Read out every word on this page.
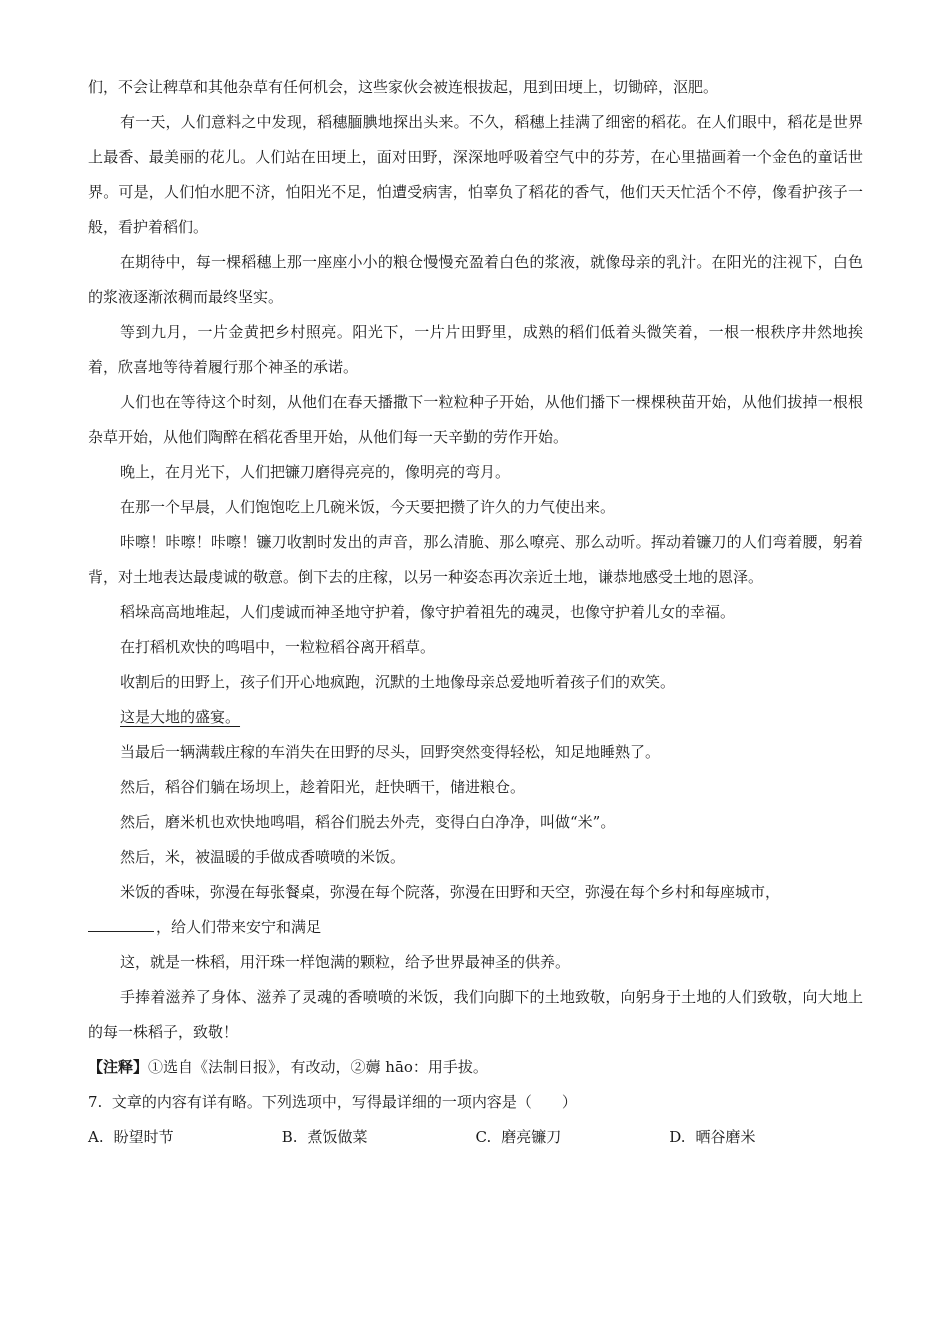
们，不会让稗草和其他杂草有任何机会，这些家伙会被连根拔起，甩到田埂上，切锄碎，沤肥。

有一天，人们意料之中发现，稻穗腼腆地探出头来。不久，稻穗上挂满了细密的稻花。在人们眼中，稻花是世界上最香、最美丽的花儿。人们站在田埂上，面对田野，深深地呼吸着空气中的芬芳，在心里描画着一个金色的童话世界。可是，人们怕水肥不济，怕阳光不足，怕遭受病害，怕辜负了稻花的香气，他们天天忙活个不停，像看护孩子一般，看护着稻们。

在期待中，每一棵稻穗上那一座座小小的粮仓慢慢充盈着白色的浆液，就像母亲的乳汁。在阳光的注视下，白色的浆液逐渐浓稠而最终坚实。

等到九月，一片金黄把乡村照亮。阳光下，一片片田野里，成熟的稻们低着头微笑着，一根一根秩序井然地挨着，欣喜地等待着履行那个神圣的承诺。

人们也在等待这个时刻，从他们在春天播撒下一粒粒种子开始，从他们播下一棵棵秧苗开始，从他们拔掉一根根杂草开始，从他们陶醉在稻花香里开始，从他们每一天辛勤的劳作开始。

晚上，在月光下，人们把镰刀磨得亮亮的，像明亮的弯月。

在那一个早晨，人们饱饱吃上几碗米饭，今天要把攒了许久的力气使出来。

咔嚓！咔嚓！咔嚓！镰刀收割时发出的声音，那么清脆、那么嘹亮、那么动听。挥动着镰刀的人们弯着腰，躬着背，对土地表达最虔诚的敬意。倒下去的庄稼，以另一种姿态再次亲近土地，谦恭地感受土地的恩泽。

稻垛高高地堆起，人们虔诚而神圣地守护着，像守护着祖先的魂灵，也像守护着儿女的幸福。

在打稻机欢快的鸣唱中，一粒粒稻谷离开稻草。

收割后的田野上，孩子们开心地疯跑，沉默的土地像母亲总爱地听着孩子们的欢笑。

这是大地的盛宴。

当最后一辆满载庄稼的车消失在田野的尽头，回野突然变得轻松，知足地睡熟了。

然后，稻谷们躺在场坝上，趁着阳光，赶快晒干，储进粮仓。

然后，磨米机也欢快地鸣唱，稻谷们脱去外壳，变得白白净净，叫做“米”。

然后，米，被温暖的手做成香喷喷的米饭。

米饭的香味，弥漫在每张餐桌，弥漫在每个院落，弥漫在田野和天空，弥漫在每个乡村和每座城市，

，给人们带来安宁和满足

这，就是一株稻，用汗珠一样饱满的颗粒，给予世界最神圣的供养。

手捧着滋养了身体、滋养了灵魂的香喷喷的米饭，我们向脚下的土地致敬，向躬身于土地的人们致敬，向大地上的每一株稻子，致敬！

【注释】①选自《法制日报》，有改动，②薅 hāo：用手拔。

7. 文章的内容有详有略。下列选项中，写得最详细的一项内容是（　　）

A. 盼望时节	B. 煮饭做菜	C. 磨亮镰刀	D. 晒谷磨米
